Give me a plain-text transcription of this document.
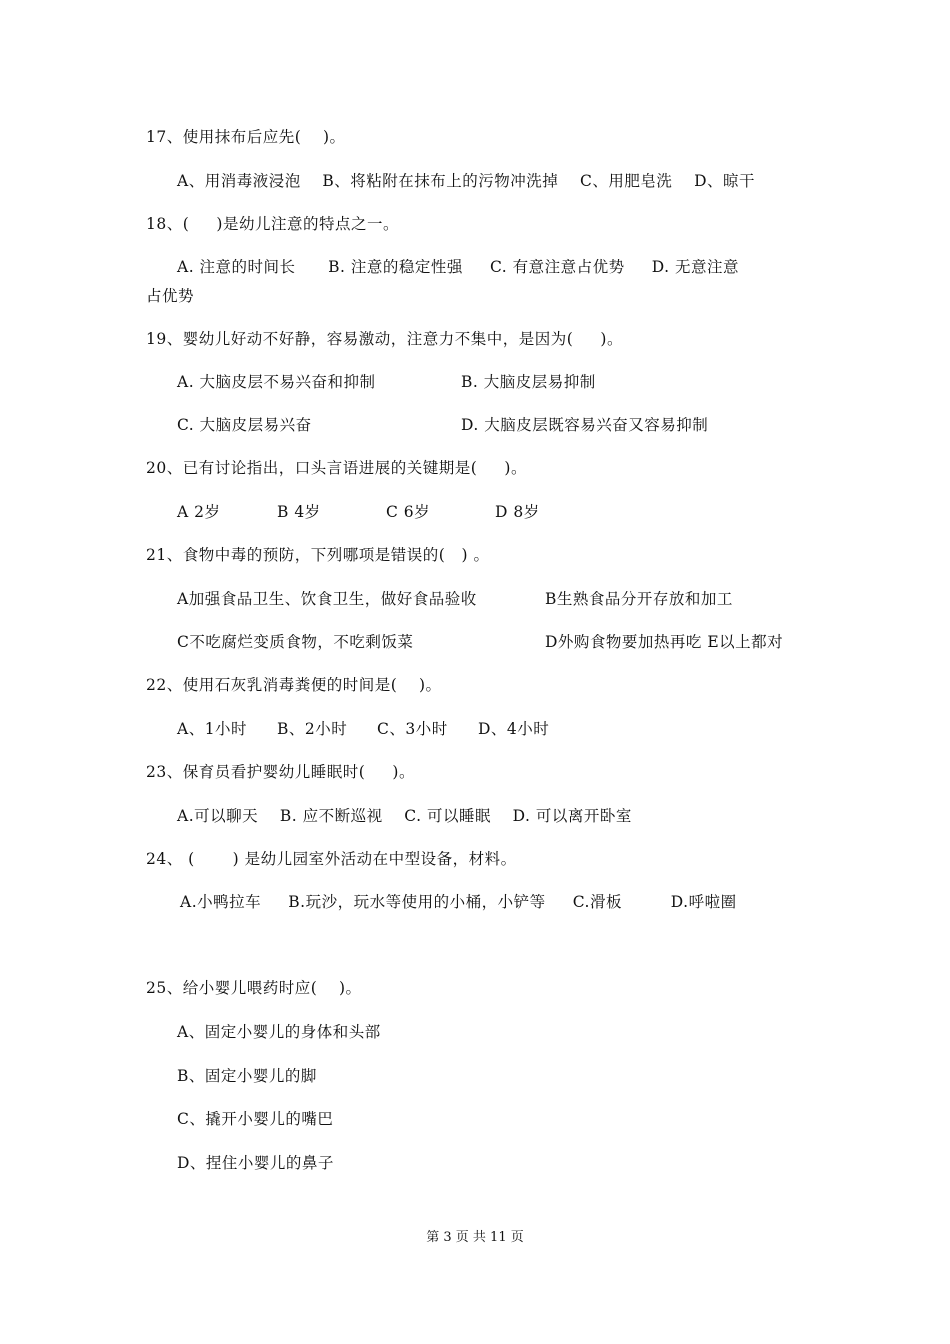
17、使用抹布后应先(    )。
A、用消毒液浸泡    B、将粘附在抹布上的污物冲洗掉    C、用肥皂洗    D、晾干
18、(     )是幼儿注意的特点之一。
A. 注意的时间长      B. 注意的稳定性强     C. 有意注意占优势     D. 无意注意
占优势
19、婴幼儿好动不好静，容易激动，注意力不集中，是因为(     )。
A. 大脑皮层不易兴奋和抑制	B. 大脑皮层易抑制
C. 大脑皮层易兴奋	D. 大脑皮层既容易兴奋又容易抑制
20、已有讨论指出，口头言语进展的关键期是(     )。
A 2岁	B 4岁	C 6岁	D 8岁
21、食物中毒的预防，下列哪项是错误的(   ) 。
A加强食品卫生、饮食卫生，做好食品验收	B生熟食品分开存放和加工
C不吃腐烂变质食物，不吃剩饭菜	D外购食物要加热再吃 E以上都对
22、使用石灰乳消毒粪便的时间是(    )。
A、1小时 B、2小时 C、3小时 D、4小时
23、保育员看护婴幼儿睡眠时(     )。
A.可以聊天    B. 应不断巡视    C. 可以睡眠    D. 可以离开卧室
24、 (       ) 是幼儿园室外活动在中型设备，材料。
A.小鸭拉车     B.玩沙，玩水等使用的小桶，小铲等     C.滑板         D.呼啦圈
25、给小婴儿喂药时应(    )。
A、固定小婴儿的身体和头部
B、固定小婴儿的脚
C、撬开小婴儿的嘴巴
D、捏住小婴儿的鼻子
第 3 页 共 11 页
